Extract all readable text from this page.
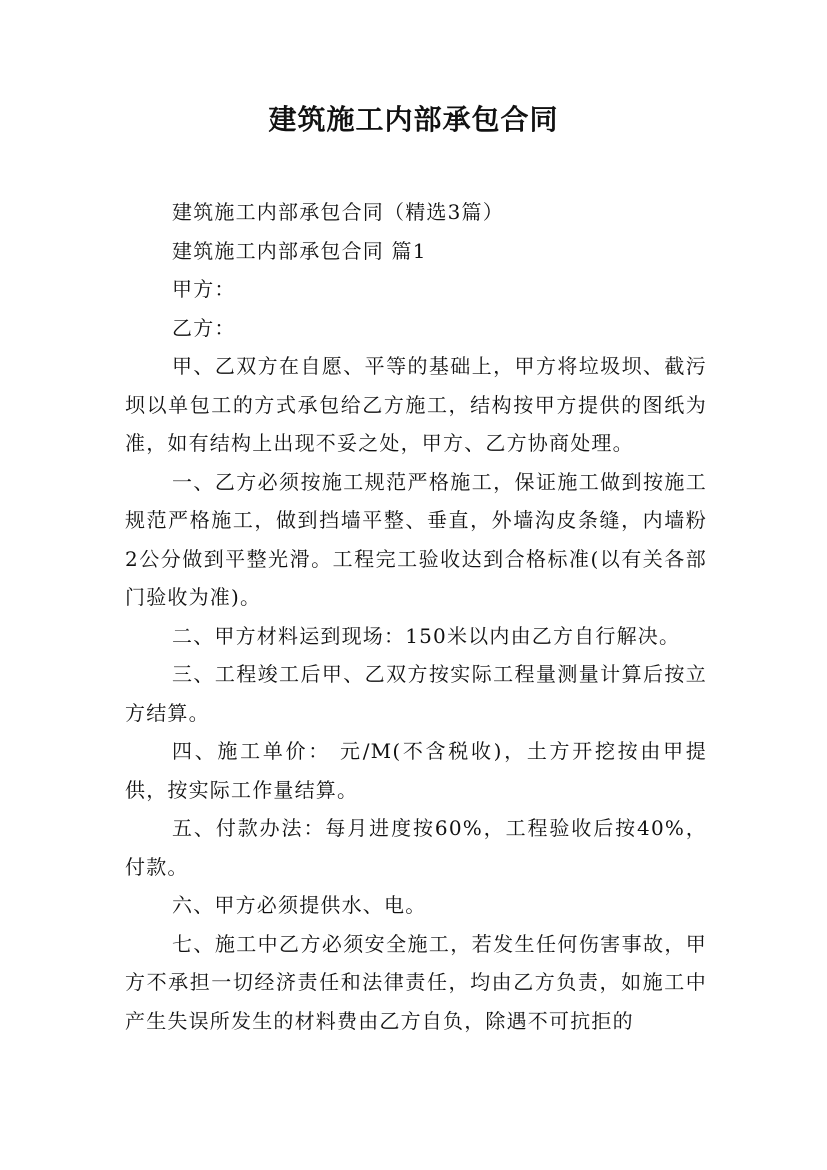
建筑施工内部承包合同

建筑施工内部承包合同（精选3篇）

建筑施工内部承包合同 篇1

甲方：

乙方：

甲、乙双方在自愿、平等的基础上，甲方将垃圾坝、截污坝以单包工的方式承包给乙方施工，结构按甲方提供的图纸为准，如有结构上出现不妥之处，甲方、乙方协商处理。

一、乙方必须按施工规范严格施工，保证施工做到按施工规范严格施工，做到挡墙平整、垂直，外墙沟皮条缝，内墙粉2公分做到平整光滑。工程完工验收达到合格标准(以有关各部门验收为准)。

二、甲方材料运到现场：150米以内由乙方自行解决。

三、工程竣工后甲、乙双方按实际工程量测量计算后按立方结算。

四、施工单价： 元/M(不含税收)，土方开挖按由甲提供，按实际工作量结算。

五、付款办法：每月进度按60%，工程验收后按40%，付款。

六、甲方必须提供水、电。

七、施工中乙方必须安全施工，若发生任何伤害事故，甲方不承担一切经济责任和法律责任，均由乙方负责，如施工中产生失误所发生的材料费由乙方自负，除遇不可抗拒的
